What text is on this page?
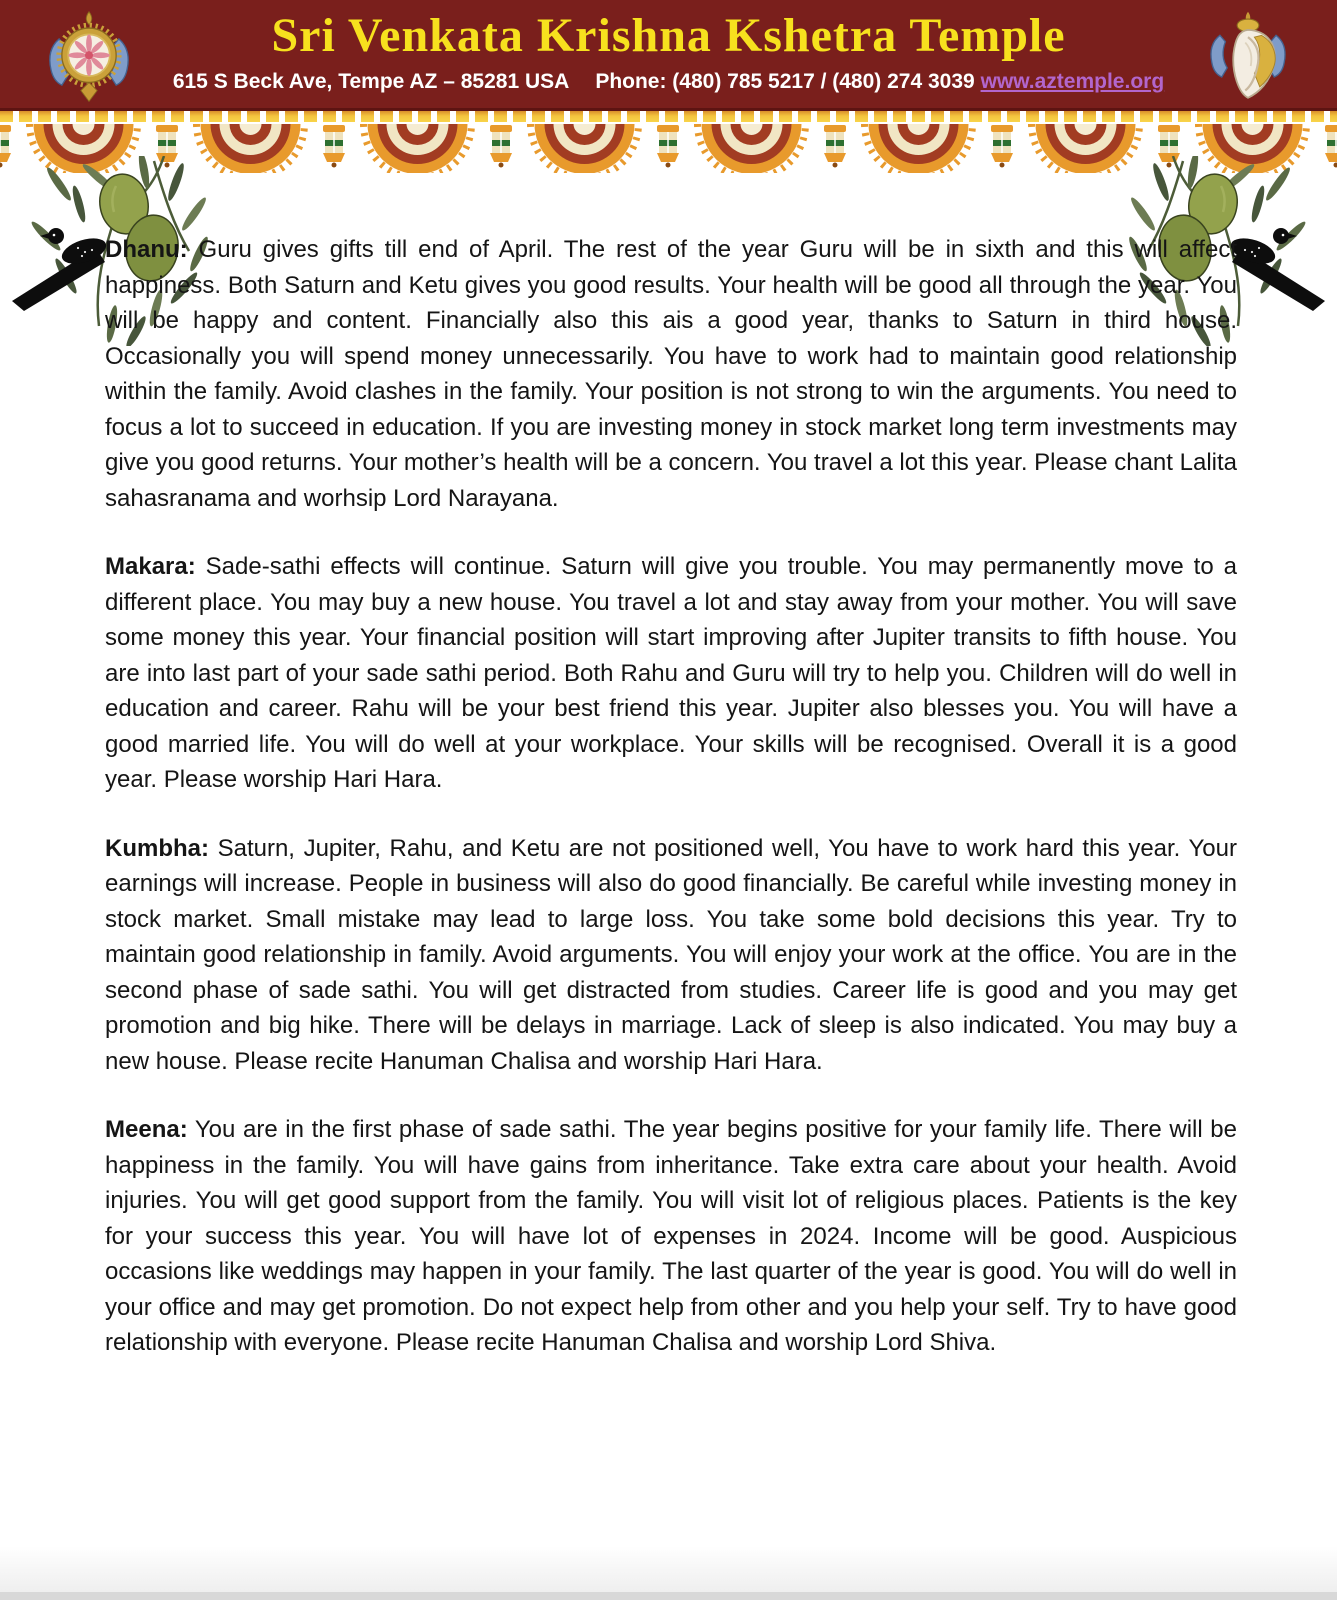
Sri Venkata Krishna Kshetra Temple
615 S Beck Ave, Tempe AZ – 85281 USA Phone: (480) 785 5217 / (480) 274 3039 www.aztemple.org

Dhanu: Guru gives gifts till end of April. The rest of the year Guru will be in sixth and this will affect happiness. Both Saturn and Ketu gives you good results. Your health will be good all through the year. You will be happy and content. Financially also this ais a good year, thanks to Saturn in third house. Occasionally you will spend money unnecessarily. You have to work had to maintain good relationship within the family. Avoid clashes in the family. Your position is not strong to win the arguments. You need to focus a lot to succeed in education. If you are investing money in stock market long term investments may give you good returns. Your mother’s health will be a concern. You travel a lot this year. Please chant Lalita sahasranama and worhsip Lord Narayana.

Makara: Sade-sathi effects will continue. Saturn will give you trouble. You may permanently move to a different place. You may buy a new house. You travel a lot and stay away from your mother. You will save some money this year. Your financial position will start improving after Jupiter transits to fifth house. You are into last part of your sade sathi period. Both Rahu and Guru will try to help you. Children will do well in education and career. Rahu will be your best friend this year. Jupiter also blesses you. You will have a good married life. You will do well at your workplace. Your skills will be recognised. Overall it is a good year. Please worship Hari Hara.

Kumbha: Saturn, Jupiter, Rahu, and Ketu are not positioned well, You have to work hard this year. Your earnings will increase. People in business will also do good financially. Be careful while investing money in stock market. Small mistake may lead to large loss. You take some bold decisions this year. Try to maintain good relationship in family. Avoid arguments. You will enjoy your work at the office. You are in the second phase of sade sathi. You will get distracted from studies. Career life is good and you may get promotion and big hike. There will be delays in marriage. Lack of sleep is also indicated. You may buy a new house. Please recite Hanuman Chalisa and worship Hari Hara.

Meena: You are in the first phase of sade sathi. The year begins positive for your family life. There will be happiness in the family. You will have gains from inheritance. Take extra care about your health. Avoid injuries. You will get good support from the family. You will visit lot of religious places. Patients is the key for your success this year. You will have lot of expenses in 2024. Income will be good. Auspicious occasions like weddings may happen in your family. The last quarter of the year is good. You will do well in your office and may get promotion. Do not expect help from other and you help your self. Try to have good relationship with everyone. Please recite Hanuman Chalisa and worship Lord Shiva.
